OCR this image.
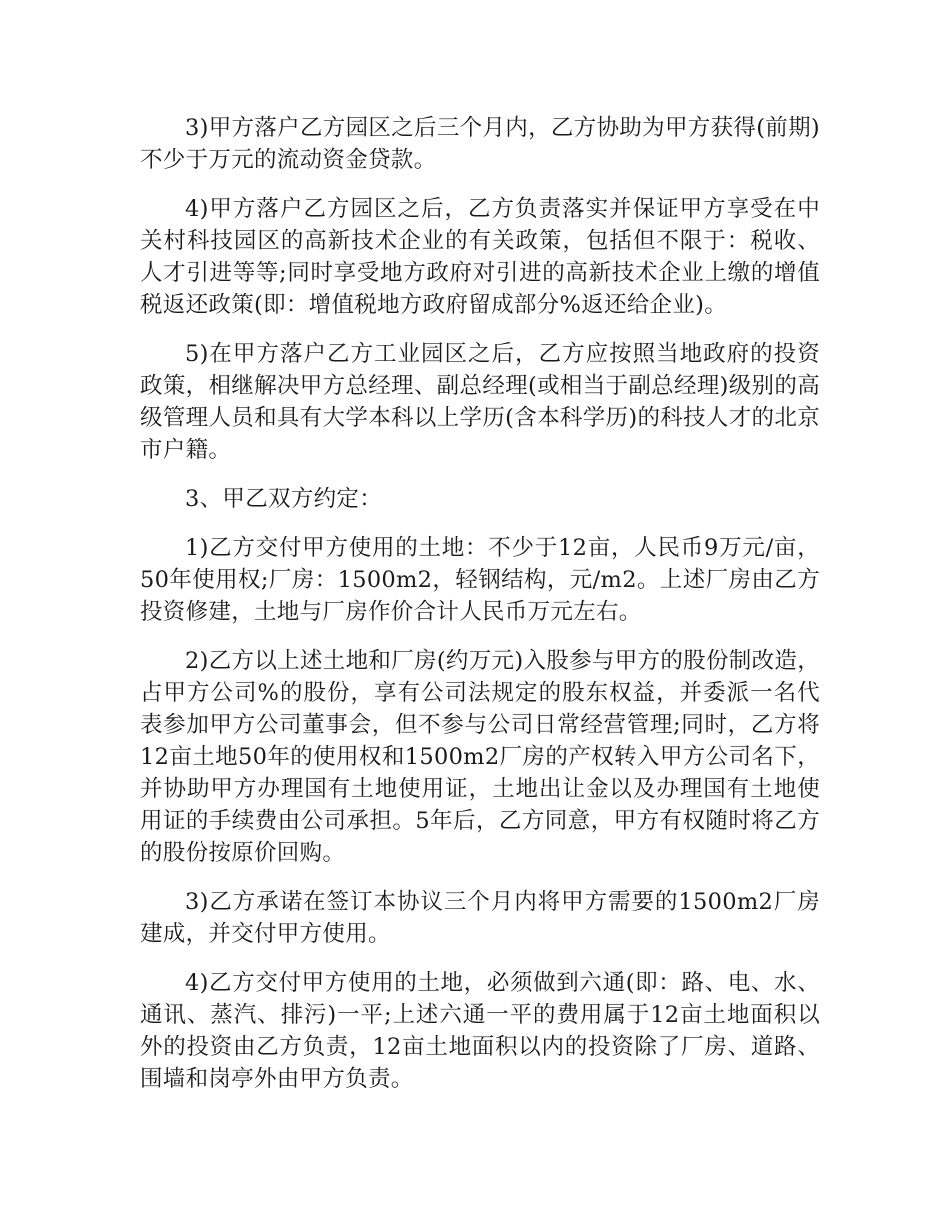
3)甲方落户乙方园区之后三个月内，乙方协助为甲方获得(前期)不少于万元的流动资金贷款。

4)甲方落户乙方园区之后，乙方负责落实并保证甲方享受在中关村科技园区的高新技术企业的有关政策，包括但不限于：税收、人才引进等等;同时享受地方政府对引进的高新技术企业上缴的增值税返还政策(即：增值税地方政府留成部分%返还给企业)。

5)在甲方落户乙方工业园区之后，乙方应按照当地政府的投资政策，相继解决甲方总经理、副总经理(或相当于副总经理)级别的高级管理人员和具有大学本科以上学历(含本科学历)的科技人才的北京市户籍。

3、甲乙双方约定：

1)乙方交付甲方使用的土地：不少于12亩，人民币9万元/亩，50年使用权;厂房：1500m2，轻钢结构，元/m2。上述厂房由乙方投资修建，土地与厂房作价合计人民币万元左右。

2)乙方以上述土地和厂房(约万元)入股参与甲方的股份制改造，占甲方公司%的股份，享有公司法规定的股东权益，并委派一名代表参加甲方公司董事会，但不参与公司日常经营管理;同时，乙方将12亩土地50年的使用权和1500m2厂房的产权转入甲方公司名下，并协助甲方办理国有土地使用证，土地出让金以及办理国有土地使用证的手续费由公司承担。5年后，乙方同意，甲方有权随时将乙方的股份按原价回购。

3)乙方承诺在签订本协议三个月内将甲方需要的1500m2厂房建成，并交付甲方使用。

4)乙方交付甲方使用的土地，必须做到六通(即：路、电、水、通讯、蒸汽、排污)一平;上述六通一平的费用属于12亩土地面积以外的投资由乙方负责，12亩土地面积以内的投资除了厂房、道路、围墙和岗亭外由甲方负责。
